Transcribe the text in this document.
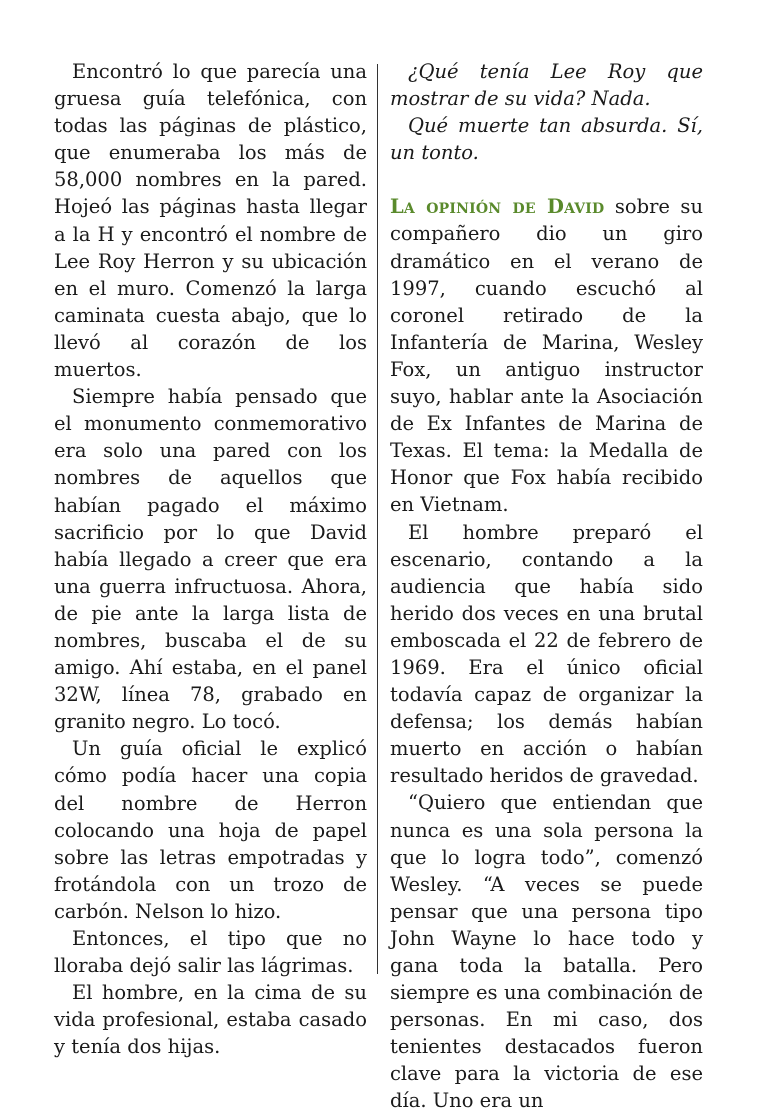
Encontró lo que parecía una gruesa guía telefónica, con todas las páginas de plástico, que enumeraba los más de 58,000 nombres en la pared. Hojeó las páginas hasta llegar a la H y encontró el nombre de Lee Roy Herron y su ubicación en el muro. Comenzó la larga caminata cuesta abajo, que lo llevó al corazón de los muertos.

Siempre había pensado que el monumento conmemorativo era solo una pared con los nombres de aquellos que habían pagado el máximo sacrificio por lo que David había llegado a creer que era una guerra infructuosa. Ahora, de pie ante la larga lista de nombres, buscaba el de su amigo. Ahí estaba, en el panel 32W, línea 78, grabado en granito negro. Lo tocó.

Un guía oficial le explicó cómo podía hacer una copia del nombre de Herron colocando una hoja de papel sobre las letras empotradas y frotándola con un trozo de carbón. Nelson lo hizo.

Entonces, el tipo que no lloraba dejó salir las lágrimas.

El hombre, en la cima de su vida profesional, estaba casado y tenía dos hijas.

¿Qué tenía Lee Roy que mostrar de su vida? Nada.

Qué muerte tan absurda. Sí, un tonto.

La opinión de David sobre su compañero dio un giro dramático en el verano de 1997, cuando escuchó al coronel retirado de la Infantería de Marina, Wesley Fox, un antiguo instructor suyo, hablar ante la Asociación de Ex Infantes de Marina de Texas. El tema: la Medalla de Honor que Fox había recibido en Vietnam.

El hombre preparó el escenario, contando a la audiencia que había sido herido dos veces en una brutal emboscada el 22 de febrero de 1969. Era el único oficial todavía capaz de organizar la defensa; los demás habían muerto en acción o habían resultado heridos de gravedad.

“Quiero que entiendan que nunca es una sola persona la que lo logra todo”, comenzó Wesley. “A veces se puede pensar que una persona tipo John Wayne lo hace todo y gana toda la batalla. Pero siempre es una combinación de personas. En mi caso, dos tenientes destacados fueron clave para la victoria de ese día. Uno era un
